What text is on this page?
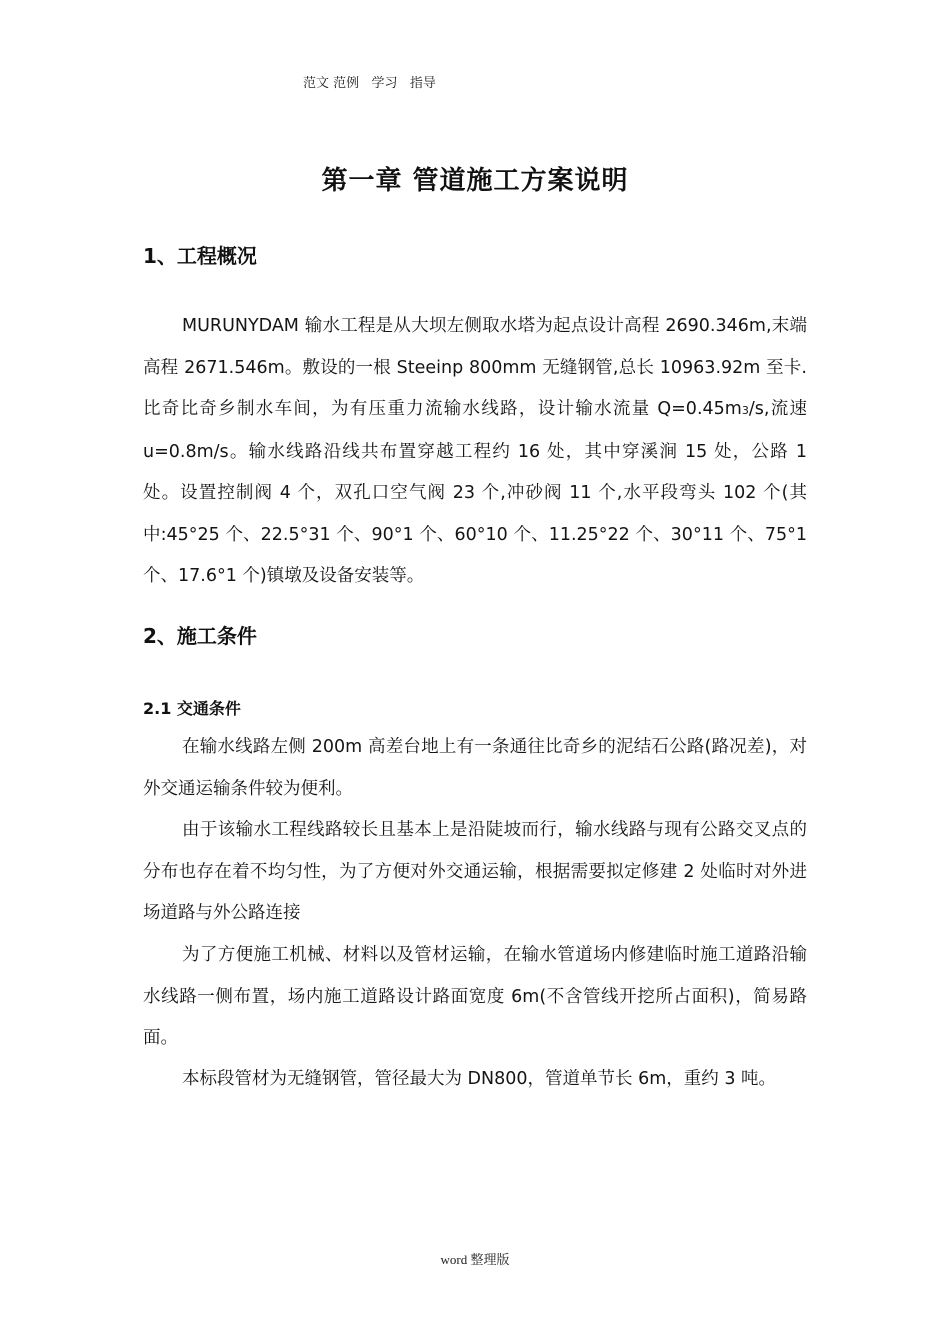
范文 范例   学习   指导
第一章 管道施工方案说明
1、工程概况
MURUNYDAM 输水工程是从大坝左侧取水塔为起点设计高程 2690.346m,末端高程 2671.546m。敷设的一根 Steeinp 800mm 无缝钢管,总长 10963.92m 至卡.比奇比奇乡制水车间，为有压重力流输水线路，设计输水流量 Q=0.45m3/s,流速 u=0.8m/s。输水线路沿线共布置穿越工程约 16 处，其中穿溪涧 15 处，公路 1 处。设置控制阀 4 个，双孔口空气阀 23 个,冲砂阀 11 个,水平段弯头 102 个(其中:45°25 个、22.5°31 个、90°1 个、60°10 个、11.25°22 个、30°11 个、75°1 个、17.6°1 个)镇墩及设备安装等。
2、施工条件
2.1 交通条件
在输水线路左侧 200m 高差台地上有一条通往比奇乡的泥结石公路(路况差)，对外交通运输条件较为便利。
由于该输水工程线路较长且基本上是沿陡坡而行，输水线路与现有公路交叉点的分布也存在着不均匀性，为了方便对外交通运输，根据需要拟定修建 2 处临时对外进场道路与外公路连接
为了方便施工机械、材料以及管材运输，在输水管道场内修建临时施工道路沿输水线路一侧布置，场内施工道路设计路面宽度 6m(不含管线开挖所占面积)，简易路面。
本标段管材为无缝钢管，管径最大为 DN800，管道单节长 6m，重约 3 吨。
word 整理版
